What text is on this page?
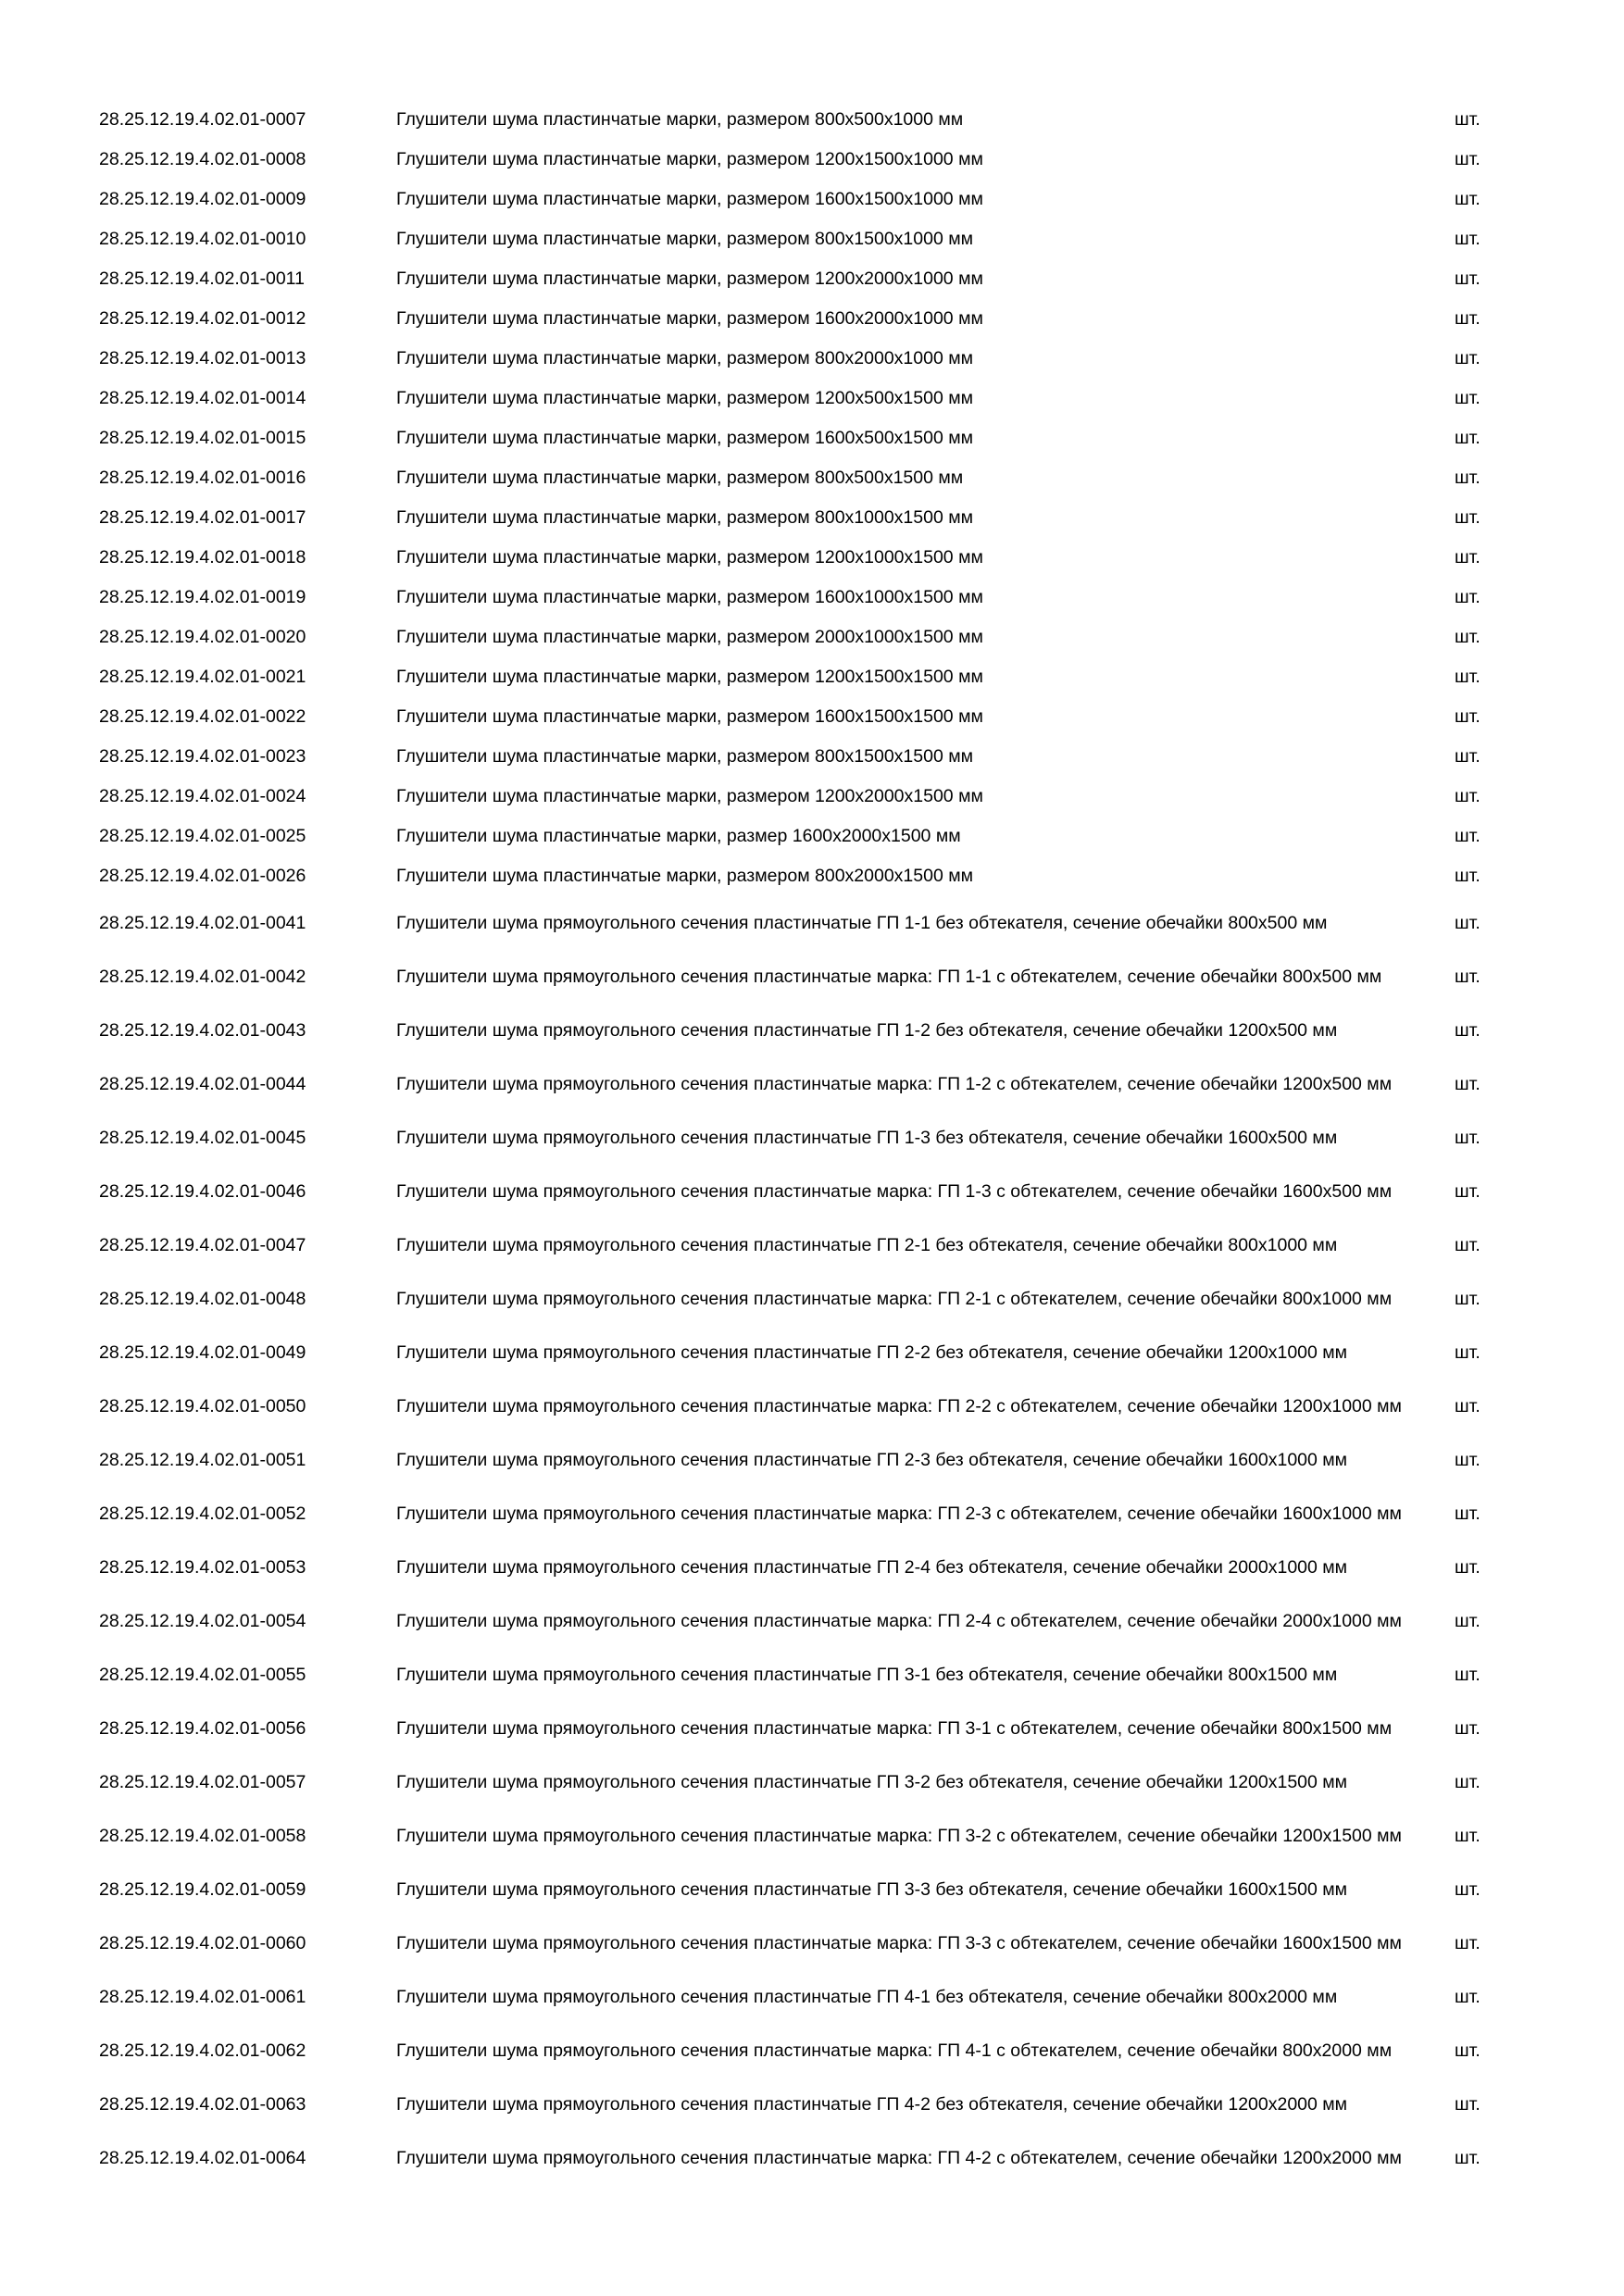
28.25.12.19.4.02.01-0007	Глушители шума пластинчатые марки, размером 800х500х1000 мм	шт.
28.25.12.19.4.02.01-0008	Глушители шума пластинчатые марки, размером 1200х1500х1000 мм	шт.
28.25.12.19.4.02.01-0009	Глушители шума пластинчатые марки, размером 1600х1500х1000 мм	шт.
28.25.12.19.4.02.01-0010	Глушители шума пластинчатые марки, размером 800х1500х1000 мм	шт.
28.25.12.19.4.02.01-0011	Глушители шума пластинчатые марки, размером 1200х2000х1000 мм	шт.
28.25.12.19.4.02.01-0012	Глушители шума пластинчатые марки, размером 1600х2000х1000 мм	шт.
28.25.12.19.4.02.01-0013	Глушители шума пластинчатые марки, размером 800х2000х1000 мм	шт.
28.25.12.19.4.02.01-0014	Глушители шума пластинчатые марки, размером 1200х500х1500 мм	шт.
28.25.12.19.4.02.01-0015	Глушители шума пластинчатые марки, размером 1600х500х1500 мм	шт.
28.25.12.19.4.02.01-0016	Глушители шума пластинчатые марки, размером 800х500х1500 мм	шт.
28.25.12.19.4.02.01-0017	Глушители шума пластинчатые марки, размером 800х1000х1500 мм	шт.
28.25.12.19.4.02.01-0018	Глушители шума пластинчатые марки, размером 1200х1000х1500 мм	шт.
28.25.12.19.4.02.01-0019	Глушители шума пластинчатые марки, размером 1600х1000х1500 мм	шт.
28.25.12.19.4.02.01-0020	Глушители шума пластинчатые марки, размером 2000х1000х1500 мм	шт.
28.25.12.19.4.02.01-0021	Глушители шума пластинчатые марки, размером 1200х1500х1500 мм	шт.
28.25.12.19.4.02.01-0022	Глушители шума пластинчатые марки, размером 1600х1500х1500 мм	шт.
28.25.12.19.4.02.01-0023	Глушители шума пластинчатые марки, размером 800х1500х1500 мм	шт.
28.25.12.19.4.02.01-0024	Глушители шума пластинчатые марки, размером 1200х2000х1500 мм	шт.
28.25.12.19.4.02.01-0025	Глушители шума пластинчатые марки, размер 1600х2000х1500 мм	шт.
28.25.12.19.4.02.01-0026	Глушители шума пластинчатые марки, размером 800х2000х1500 мм	шт.
28.25.12.19.4.02.01-0041	Глушители шума прямоугольного сечения пластинчатые ГП 1-1 без обтекателя, сечение обечайки 800х500 мм	шт.
28.25.12.19.4.02.01-0042	Глушители шума прямоугольного сечения пластинчатые марка: ГП 1-1 с обтекателем, сечение обечайки 800х500 мм	шт.
28.25.12.19.4.02.01-0043	Глушители шума прямоугольного сечения пластинчатые ГП 1-2 без обтекателя, сечение обечайки 1200х500 мм	шт.
28.25.12.19.4.02.01-0044	Глушители шума прямоугольного сечения пластинчатые марка: ГП 1-2 с обтекателем, сечение обечайки 1200х500 мм	шт.
28.25.12.19.4.02.01-0045	Глушители шума прямоугольного сечения пластинчатые ГП 1-3 без обтекателя, сечение обечайки 1600х500 мм	шт.
28.25.12.19.4.02.01-0046	Глушители шума прямоугольного сечения пластинчатые марка: ГП 1-3 с обтекателем, сечение обечайки 1600х500 мм	шт.
28.25.12.19.4.02.01-0047	Глушители шума прямоугольного сечения пластинчатые ГП 2-1 без обтекателя, сечение обечайки 800х1000 мм	шт.
28.25.12.19.4.02.01-0048	Глушители шума прямоугольного сечения пластинчатые марка: ГП 2-1 с обтекателем, сечение обечайки 800х1000 мм	шт.
28.25.12.19.4.02.01-0049	Глушители шума прямоугольного сечения пластинчатые ГП 2-2 без обтекателя, сечение обечайки 1200х1000 мм	шт.
28.25.12.19.4.02.01-0050	Глушители шума прямоугольного сечения пластинчатые марка: ГП 2-2 с обтекателем, сечение обечайки 1200х1000 мм	шт.
28.25.12.19.4.02.01-0051	Глушители шума прямоугольного сечения пластинчатые ГП 2-3 без обтекателя, сечение обечайки 1600х1000 мм	шт.
28.25.12.19.4.02.01-0052	Глушители шума прямоугольного сечения пластинчатые марка: ГП 2-3 с обтекателем, сечение обечайки 1600х1000 мм	шт.
28.25.12.19.4.02.01-0053	Глушители шума прямоугольного сечения пластинчатые ГП 2-4 без обтекателя, сечение обечайки 2000х1000 мм	шт.
28.25.12.19.4.02.01-0054	Глушители шума прямоугольного сечения пластинчатые марка: ГП 2-4 с обтекателем, сечение обечайки 2000х1000 мм	шт.
28.25.12.19.4.02.01-0055	Глушители шума прямоугольного сечения пластинчатые ГП 3-1 без обтекателя, сечение обечайки 800х1500 мм	шт.
28.25.12.19.4.02.01-0056	Глушители шума прямоугольного сечения пластинчатые марка: ГП 3-1 с обтекателем, сечение обечайки 800х1500 мм	шт.
28.25.12.19.4.02.01-0057	Глушители шума прямоугольного сечения пластинчатые ГП 3-2 без обтекателя, сечение обечайки 1200х1500 мм	шт.
28.25.12.19.4.02.01-0058	Глушители шума прямоугольного сечения пластинчатые марка: ГП 3-2 с обтекателем, сечение обечайки 1200х1500 мм	шт.
28.25.12.19.4.02.01-0059	Глушители шума прямоугольного сечения пластинчатые ГП 3-3 без обтекателя, сечение обечайки 1600х1500 мм	шт.
28.25.12.19.4.02.01-0060	Глушители шума прямоугольного сечения пластинчатые марка: ГП 3-3 с обтекателем, сечение обечайки 1600х1500 мм	шт.
28.25.12.19.4.02.01-0061	Глушители шума прямоугольного сечения пластинчатые ГП 4-1 без обтекателя, сечение обечайки 800х2000 мм	шт.
28.25.12.19.4.02.01-0062	Глушители шума прямоугольного сечения пластинчатые марка: ГП 4-1 с обтекателем, сечение обечайки 800х2000 мм	шт.
28.25.12.19.4.02.01-0063	Глушители шума прямоугольного сечения пластинчатые ГП 4-2 без обтекателя, сечение обечайки 1200х2000 мм	шт.
28.25.12.19.4.02.01-0064	Глушители шума прямоугольного сечения пластинчатые марка: ГП 4-2 с обтекателем, сечение обечайки 1200х2000 мм	шт.
